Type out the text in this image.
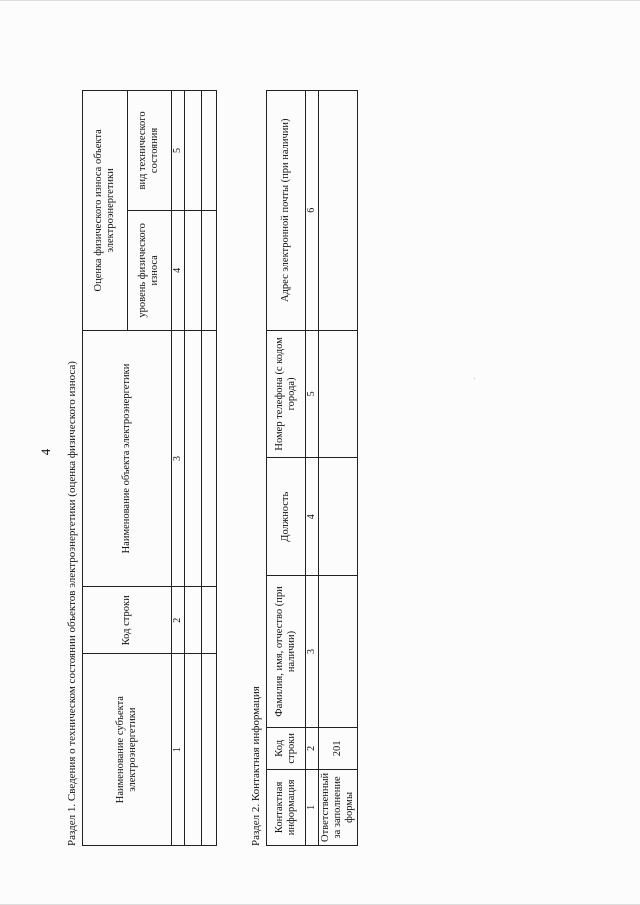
4 Раздел 1. Сведения о техническом состоянии объектов электроэнергетики (оценка физического износа)	Наименование субъекта электроэнергетики	Код строки	Наименование объекта электроэнергетики	Оценка физического износа объекта электроэнергетики	
			уровень физического износа	вид технического состояния
1	2	3	4	5

Раздел 2. Контактная информация Контактная информация	Код строки	Фамилия, имя, отчество (при наличии)	Должность	Номер телефона (с кодом города)	Адрес электронной почты (при наличии)
1	2	3	4	5	6
Ответственный за заполнение формы	201				
